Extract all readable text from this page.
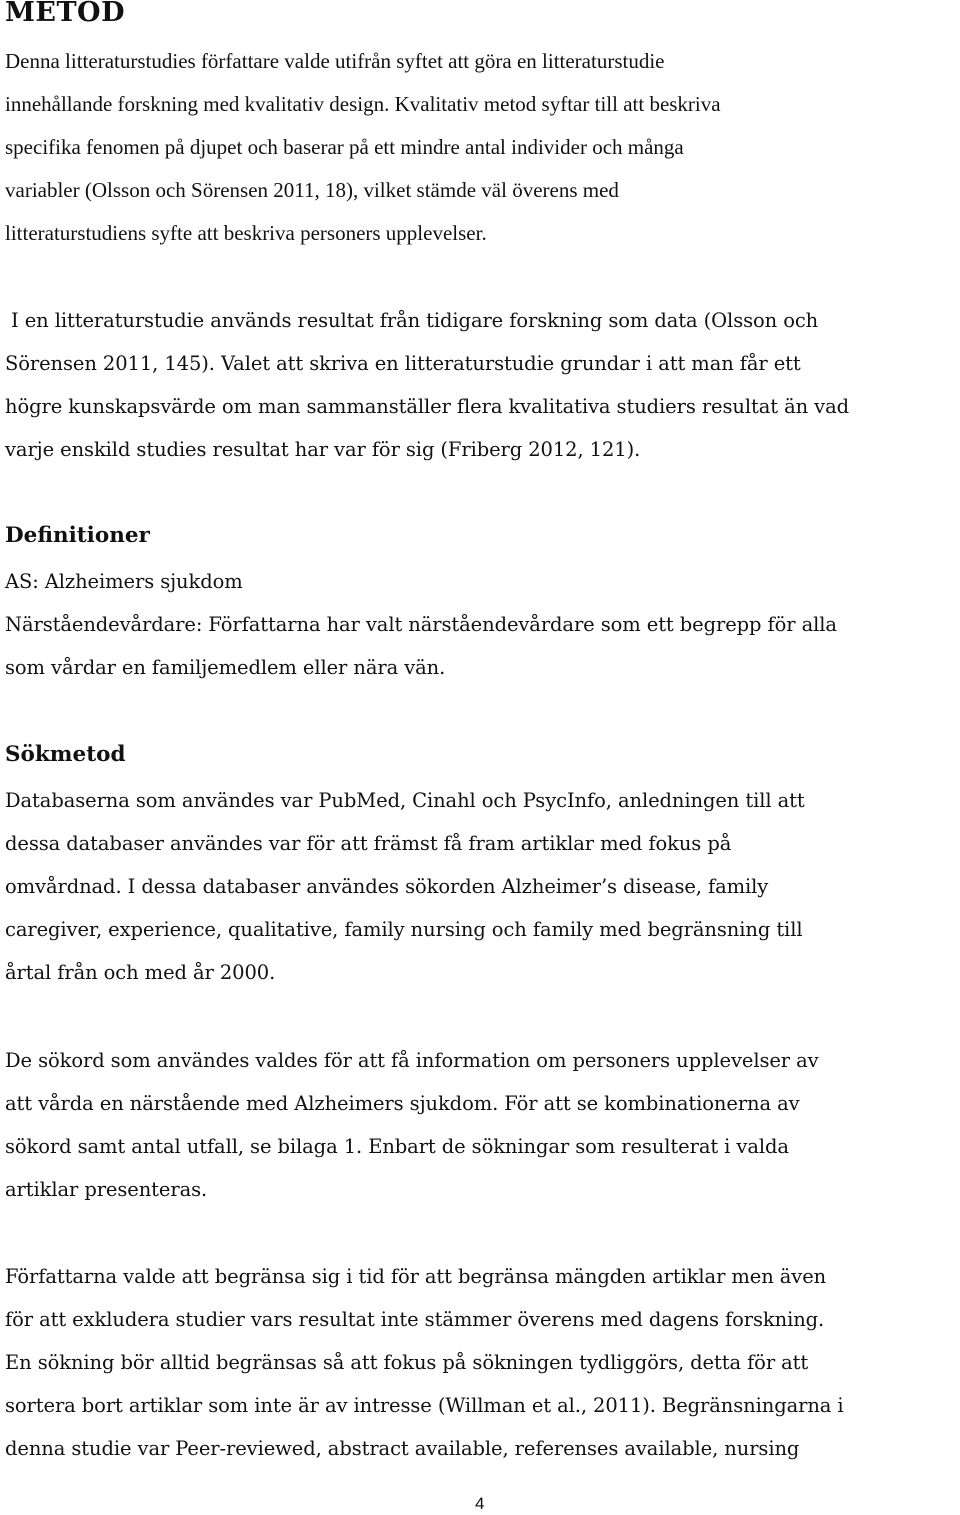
METOD

Denna litteraturstudies författare valde utifrån syftet att göra en litteraturstudie
innehållande forskning med kvalitativ design. Kvalitativ metod syftar till att beskriva
specifika fenomen på djupet och baserar på ett mindre antal individer och många
variabler (Olsson och Sörensen 2011, 18), vilket stämde väl överens med
litteraturstudiens syfte att beskriva personers upplevelser.

I en litteraturstudie används resultat från tidigare forskning som data (Olsson och
Sörensen 2011, 145). Valet att skriva en litteraturstudie grundar i att man får ett
högre kunskapsvärde om man sammanställer flera kvalitativa studiers resultat än vad
varje enskild studies resultat har var för sig (Friberg 2012, 121).

Definitioner

AS: Alzheimers sjukdom
Närståendevårdare: Författarna har valt närståendevårdare som ett begrepp för alla
som vårdar en familjemedlem eller nära vän.

Sökmetod

Databaserna som användes var PubMed, Cinahl och PsycInfo, anledningen till att
dessa databaser användes var för att främst få fram artiklar med fokus på
omvårdnad. I dessa databaser användes sökorden Alzheimer’s disease, family
caregiver, experience, qualitative, family nursing och family med begränsning till
årtal från och med år 2000.

De sökord som användes valdes för att få information om personers upplevelser av
att vårda en närstående med Alzheimers sjukdom. För att se kombinationerna av
sökord samt antal utfall, se bilaga 1. Enbart de sökningar som resulterat i valda
artiklar presenteras.

Författarna valde att begränsa sig i tid för att begränsa mängden artiklar men även
för att exkludera studier vars resultat inte stämmer överens med dagens forskning.
En sökning bör alltid begränsas så att fokus på sökningen tydliggörs, detta för att
sortera bort artiklar som inte är av intresse (Willman et al., 2011). Begränsningarna i
denna studie var Peer-reviewed, abstract available, referenses available, nursing

4
